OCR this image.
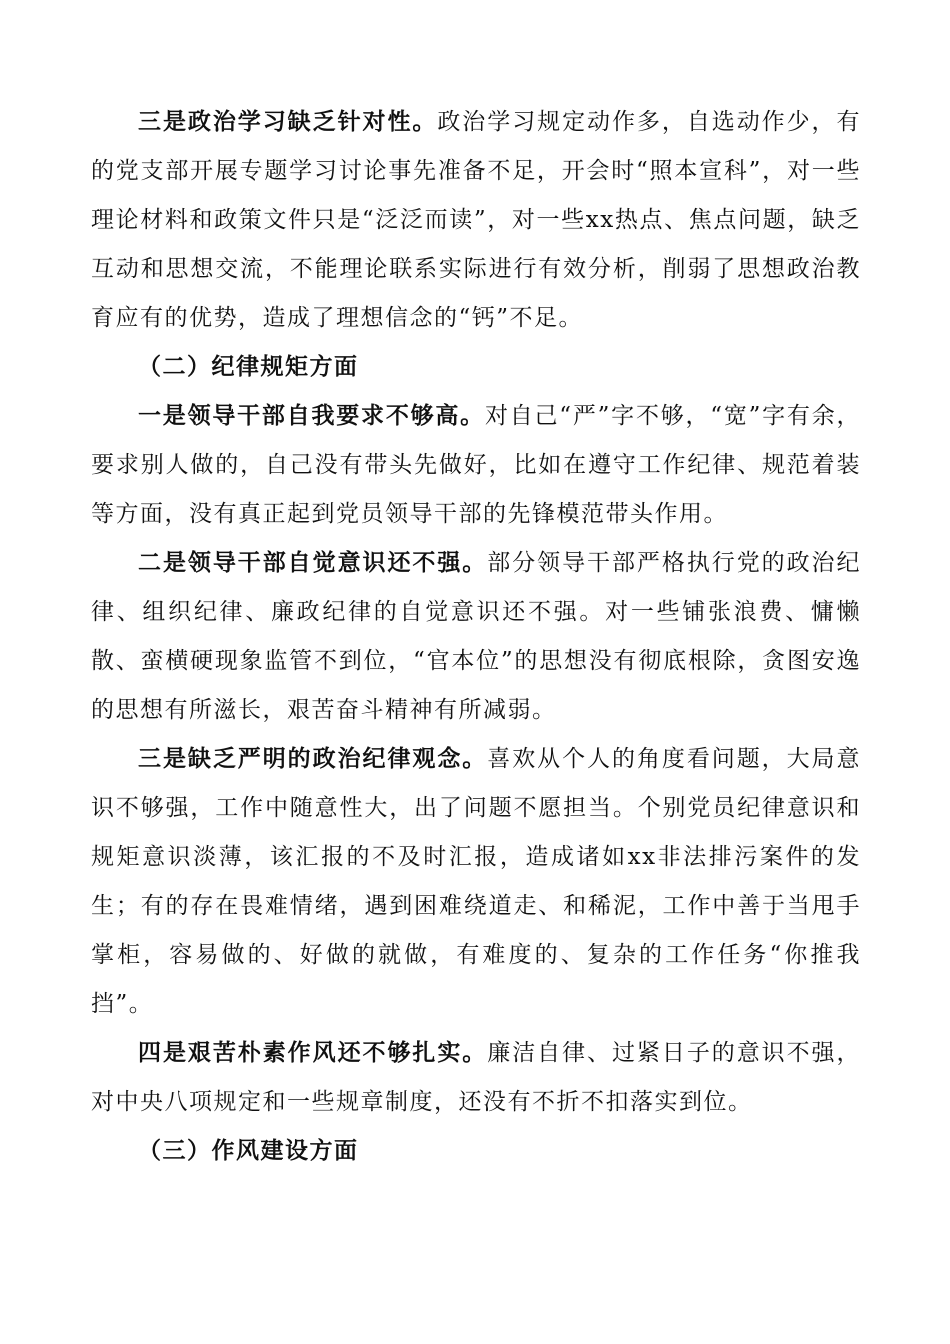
三是政治学习缺乏针对性。政治学习规定动作多，自选动作少，有的党支部开展专题学习讨论事先准备不足，开会时“照本宣科”，对一些理论材料和政策文件只是“泛泛而读”，对一些xx热点、焦点问题，缺乏互动和思想交流，不能理论联系实际进行有效分析，削弱了思想政治教育应有的优势，造成了理想信念的“钙”不足。

（二）纪律规矩方面

一是领导干部自我要求不够高。对自己“严”字不够，“宽”字有余，要求别人做的，自己没有带头先做好，比如在遵守工作纪律、规范着装等方面，没有真正起到党员领导干部的先锋模范带头作用。

二是领导干部自觉意识还不强。部分领导干部严格执行党的政治纪律、组织纪律、廉政纪律的自觉意识还不强。对一些铺张浪费、慵懒散、蛮横硬现象监管不到位，“官本位”的思想没有彻底根除，贪图安逸的思想有所滋长，艰苦奋斗精神有所减弱。

三是缺乏严明的政治纪律观念。喜欢从个人的角度看问题，大局意识不够强，工作中随意性大，出了问题不愿担当。个别党员纪律意识和规矩意识淡薄，该汇报的不及时汇报，造成诸如xx非法排污案件的发生；有的存在畏难情绪，遇到困难绕道走、和稀泥，工作中善于当甩手掌柜，容易做的、好做的就做，有难度的、复杂的工作任务“你推我挡”。

四是艰苦朴素作风还不够扎实。廉洁自律、过紧日子的意识不强，对中央八项规定和一些规章制度，还没有不折不扣落实到位。

（三）作风建设方面
